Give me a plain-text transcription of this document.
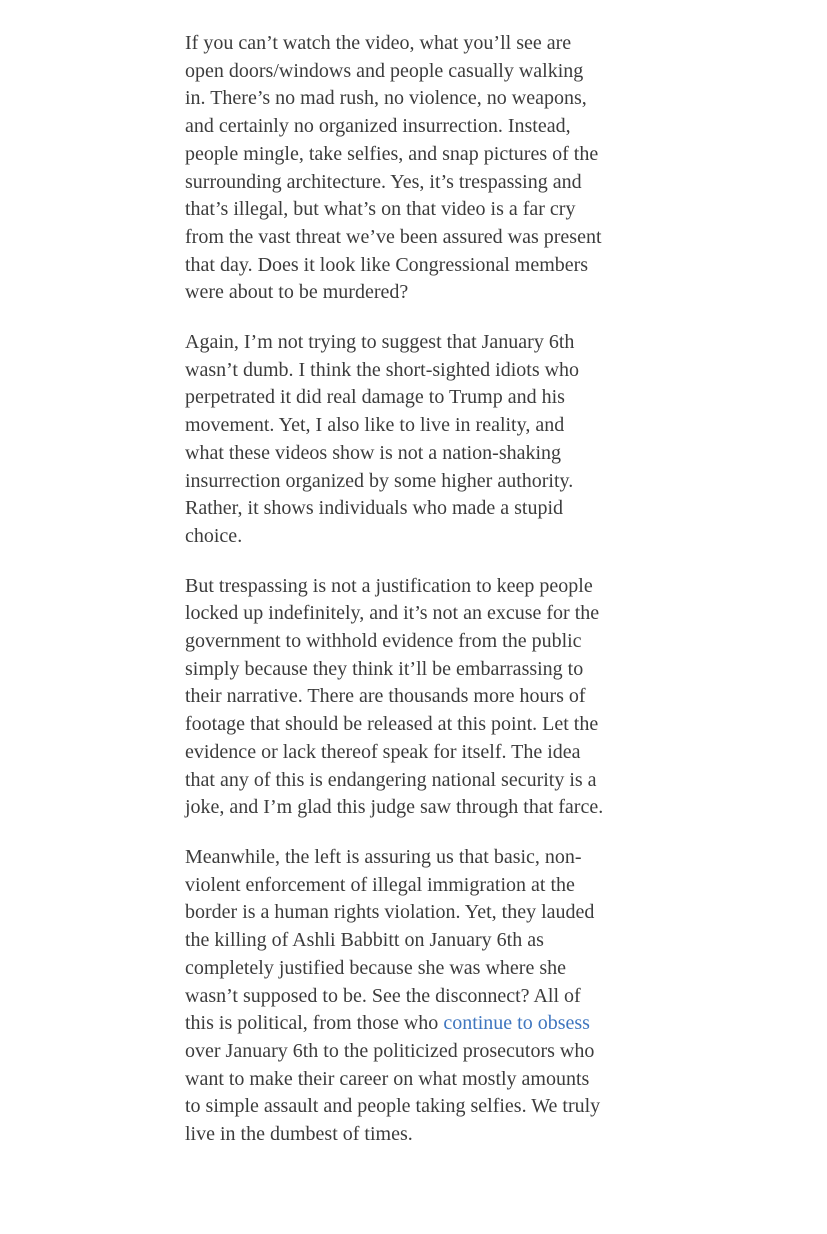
If you can’t watch the video, what you’ll see are open doors/windows and people casually walking in. There’s no mad rush, no violence, no weapons, and certainly no organized insurrection. Instead, people mingle, take selfies, and snap pictures of the surrounding architecture. Yes, it’s trespassing and that’s illegal, but what’s on that video is a far cry from the vast threat we’ve been assured was present that day. Does it look like Congressional members were about to be murdered?

Again, I’m not trying to suggest that January 6th wasn’t dumb. I think the short-sighted idiots who perpetrated it did real damage to Trump and his movement. Yet, I also like to live in reality, and what these videos show is not a nation-shaking insurrection organized by some higher authority. Rather, it shows individuals who made a stupid choice.

But trespassing is not a justification to keep people locked up indefinitely, and it’s not an excuse for the government to withhold evidence from the public simply because they think it’ll be embarrassing to their narrative. There are thousands more hours of footage that should be released at this point. Let the evidence or lack thereof speak for itself. The idea that any of this is endangering national security is a joke, and I’m glad this judge saw through that farce.

Meanwhile, the left is assuring us that basic, non-violent enforcement of illegal immigration at the border is a human rights violation. Yet, they lauded the killing of Ashli Babbitt on January 6th as completely justified because she was where she wasn’t supposed to be. See the disconnect? All of this is political, from those who continue to obsess over January 6th to the politicized prosecutors who want to make their career on what mostly amounts to simple assault and people taking selfies. We truly live in the dumbest of times.
